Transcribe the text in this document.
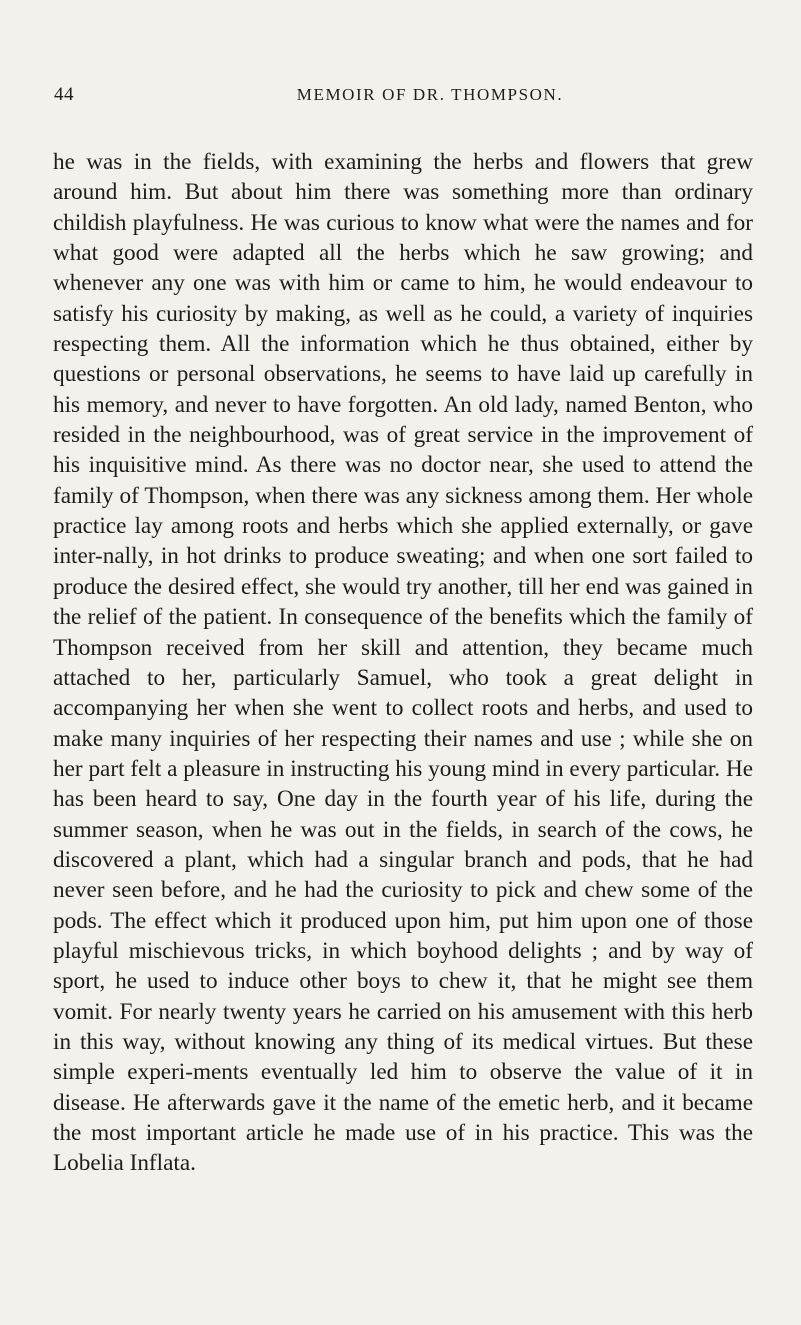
44	MEMOIR OF DR. THOMPSON.

he was in the fields, with examining the herbs and flowers that grew around him. But about him there was something more than ordinary childish playfulness. He was curious to know what were the names and for what good were adapted all the herbs which he saw growing; and whenever any one was with him or came to him, he would endeavour to satisfy his curiosity by making, as well as he could, a variety of inquiries respecting them. All the information which he thus obtained, either by questions or personal observations, he seems to have laid up carefully in his memory, and never to have forgotten. An old lady, named Benton, who resided in the neighbourhood, was of great service in the improvement of his inquisitive mind. As there was no doctor near, she used to attend the family of Thompson, when there was any sickness among them. Her whole practice lay among roots and herbs which she applied externally, or gave inter-nally, in hot drinks to produce sweating; and when one sort failed to produce the desired effect, she would try another, till her end was gained in the relief of the patient. In consequence of the benefits which the family of Thompson received from her skill and attention, they became much attached to her, particularly Samuel, who took a great delight in accompanying her when she went to collect roots and herbs, and used to make many inquiries of her respecting their names and use ; while she on her part felt a pleasure in instructing his young mind in every particular. He has been heard to say, One day in the fourth year of his life, during the summer season, when he was out in the fields, in search of the cows, he discovered a plant, which had a singular branch and pods, that he had never seen before, and he had the curiosity to pick and chew some of the pods. The effect which it produced upon him, put him upon one of those playful mischievous tricks, in which boyhood delights ; and by way of sport, he used to induce other boys to chew it, that he might see them vomit. For nearly twenty years he carried on his amusement with this herb in this way, without knowing any thing of its medical virtues. But these simple experi-ments eventually led him to observe the value of it in disease. He afterwards gave it the name of the emetic herb, and it became the most important article he made use of in his practice. This was the Lobelia Inflata.
